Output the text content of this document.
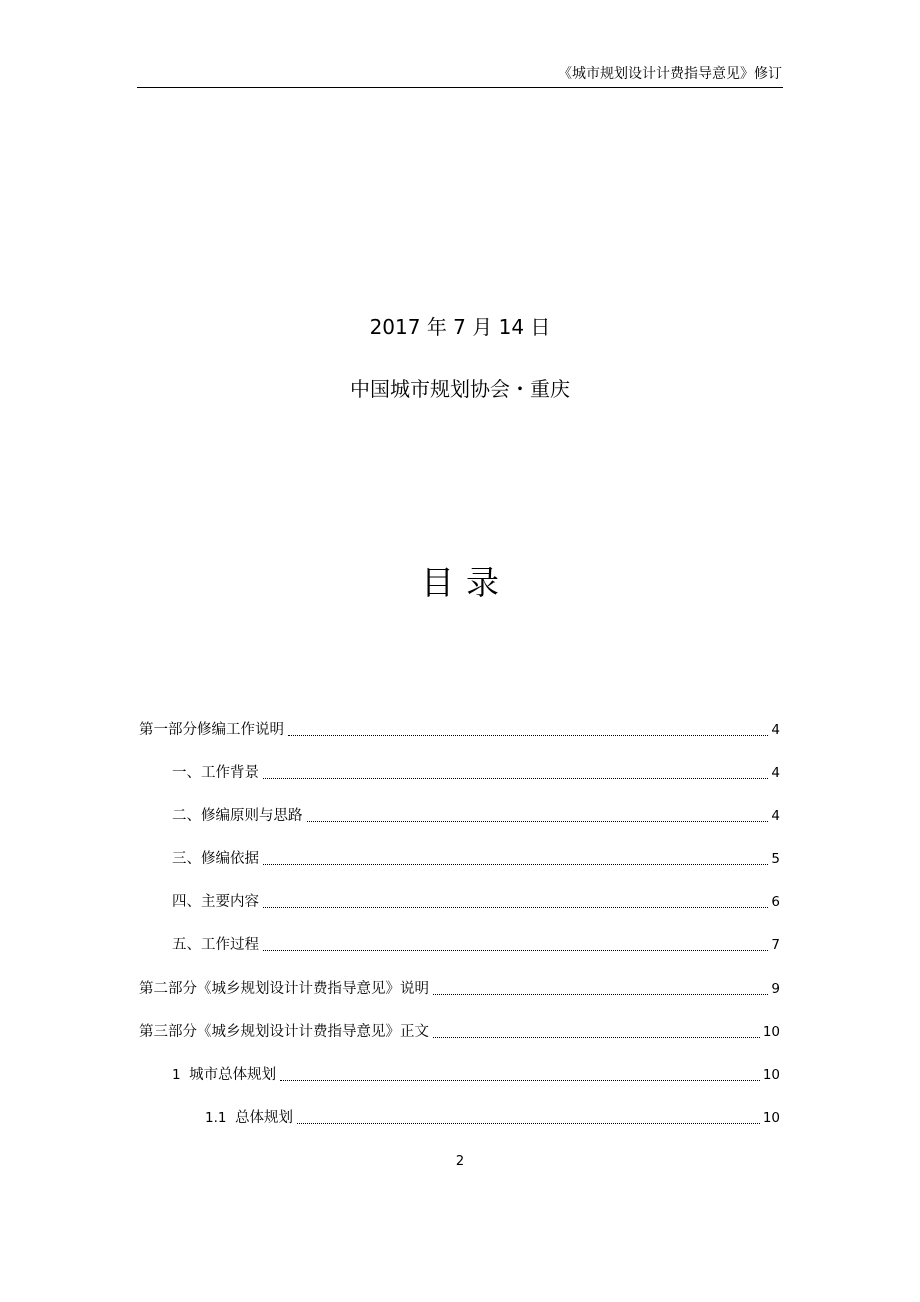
《城市规划设计计费指导意见》修订
2017 年 7 月 14 日
中国城市规划协会・重庆
目录
第一部分修编工作说明	4
一、工作背景	4
二、修编原则与思路	4
三、修编依据	5
四、主要内容	6
五、工作过程	7
第二部分《城乡规划设计计费指导意见》说明	9
第三部分《城乡规划设计计费指导意见》正文	10
1  城市总体规划	10
1.1  总体规划	10
2
